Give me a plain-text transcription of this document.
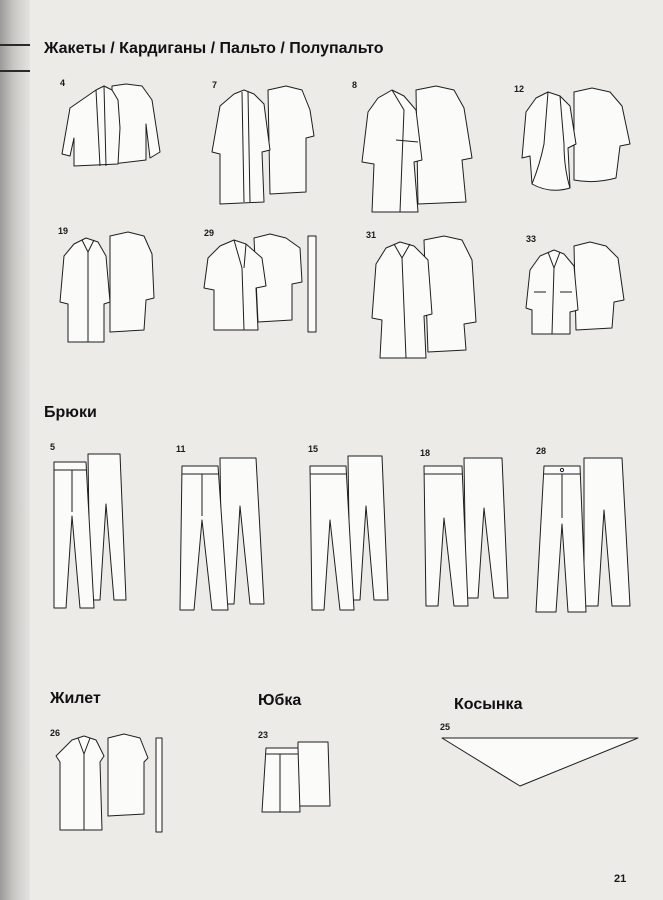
Жакеты / Кардиганы / Пальто / Полупальто
4	7	8	12
19	29	31	33
Брюки
5	11	15	18	28
Жилет
26
Юбка
23
Косынка
25
21
